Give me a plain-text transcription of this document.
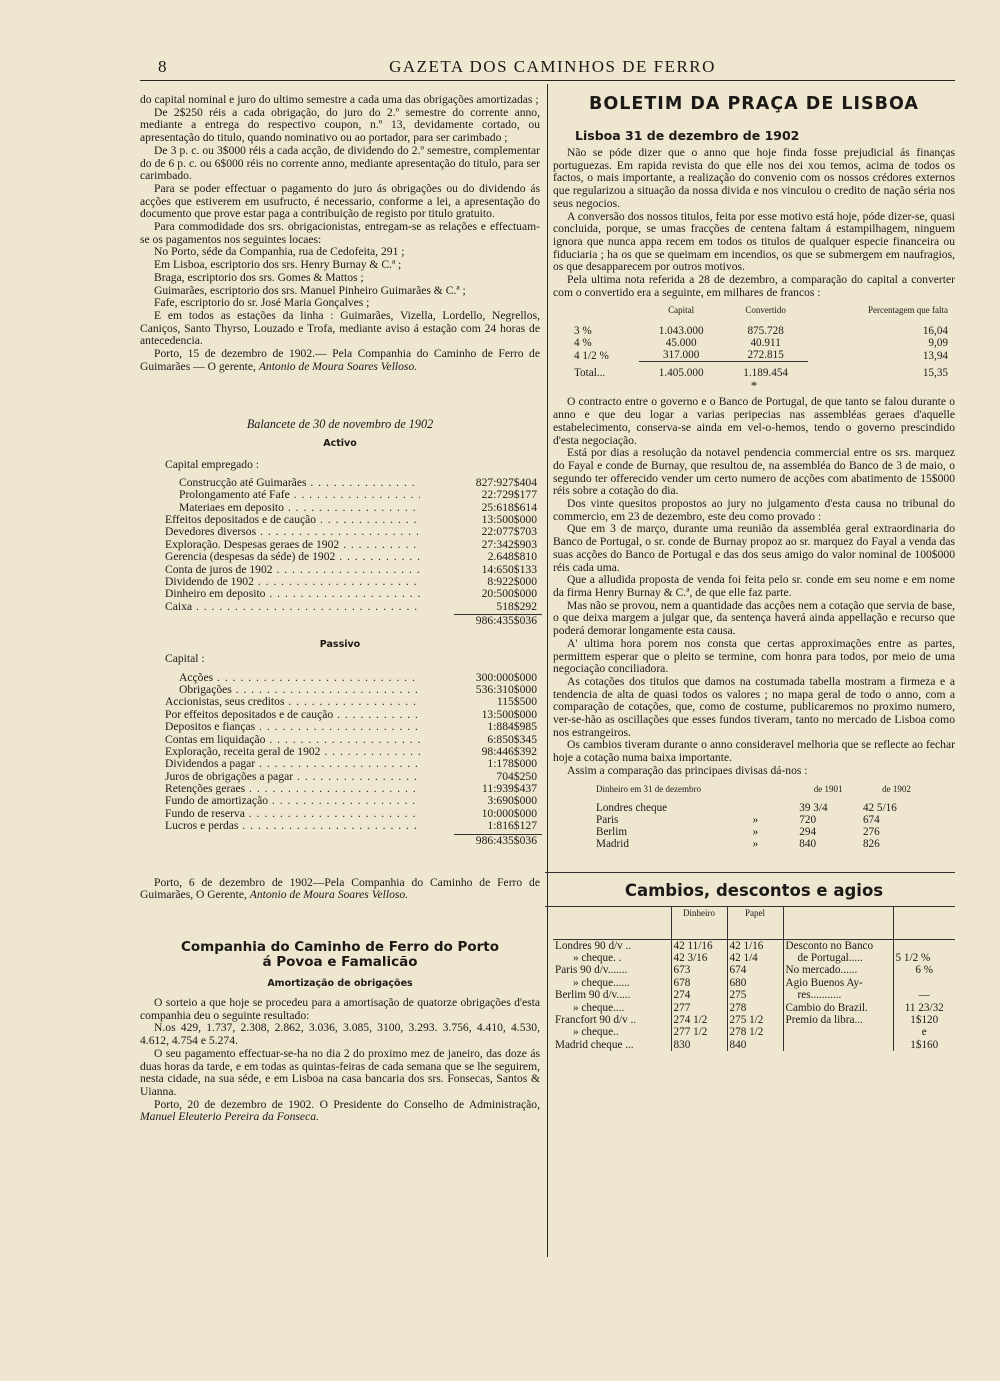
8	GAZETA DOS CAMINHOS DE FERRO

do capital nominal e juro do ultimo semestre a cada uma das obrigações amortizadas ;

De 2$250 réis a cada obrigação, do juro do 2.º semestre do corrente anno, mediante a entrega do respectivo coupon, n.º 13, devidamente cortado, ou apresentação do titulo, quando nominativo ou ao portador, para ser carimbado ;

De 3 p. c. ou 3$000 réis a cada acção, de dividendo do 2.º semestre, complementar do de 6 p. c. ou 6$000 réis no corrente anno, mediante apresentação do titulo, para ser carimbado.

Para se poder effectuar o pagamento do juro ás obrigações ou do dividendo ás acções que estiverem em usufructo, é necessario, conforme a lei, a apresentação do documento que prove estar paga a contribuição de registo por titulo gratuito.

Para commodidade dos srs. obrigacionistas, entregam-se as relações e effectuam-se os pagamentos nos seguintes locaes:

No Porto, séde da Companhia, rua de Cedofeita, 291 ;

Em Lisboa, escriptorio dos srs. Henry Burnay & C.ª ;

Braga, escriptorio dos srs. Gomes & Mattos ;

Guimarães, escriptorio dos srs. Manuel Pinheiro Guimarães & C.ª ;

Fafe, escriptorio do sr. José Maria Gonçalves ;

E em todos as estações da linha : Guimarães, Vizella, Lordello, Negrellos, Caniços, Santo Thyrso, Louzado e Trofa, mediante aviso á estação com 24 horas de antecedencia.

Porto, 15 de dezembro de 1902.— Pela Companhia do Caminho de Ferro de Guimarães — O gerente, Antonio de Moura Soares Velloso.

Balancete de 30 de novembro de 1902

Activo

Capital empregado :

Construcção até Guimarães . . .	827:927$404
Prolongamento até Fafe . . .	22:729$177
Materiaes em deposito . . .	25:618$614
Effeitos depositados e de caução . . .	13:500$000
Devedores diversos . . .	22:077$703
Exploração. Despesas geraes de 1902 . . .	27:342$903
Gerencia (despesas da séde) de 1902 . . .	2.648$810
Conta de juros de 1902 . . .	14:650$133
Dividendo de 1902 . . .	8:922$000
Dinheiro em deposito . . .	20:500$000
Caixa . . .	518$292
986:435$036

Passivo

Capital :

Acções . . .	300:000$000
Obrigações . . .	536:310$000
Accionistas, seus creditos . . .	115$500
Por effeitos depositados e de caução . . .	13:500$000
Depositos e fianças . . .	1:884$985
Contas em liquidação . . .	6:850$345
Exploração, receita geral de 1902 . . .	98:446$392
Dividendos a pagar . . .	1:178$000
Juros de obrigações a pagar . . .	704$250
Retenções geraes . . .	11:939$437
Fundo de amortização . . .	3:690$000
Fundo de reserva . . .	10:000$000
Lucros e perdas . . .	1:816$127
986:435$036

Porto, 6 de dezembro de 1902—Pela Companhia do Caminho de Ferro de Guimarães, O Gerente, Antonio de Moura Soares Velloso.

Companhia do Caminho de Ferro do Porto

á Povoa e Famalicão

Amortização de obrigações

O sorteio a que hoje se procedeu para a amortisação de quatorze obrigações d'esta companhia deu o seguinte resultado:

N.os 429, 1.737, 2.308, 2.862, 3.036, 3.085, 3100, 3.293. 3.756, 4.410, 4.530, 4.612, 4.754 e 5.274.

O seu pagamento effectuar-se-ha no dia 2 do proximo mez de janeiro, das doze ás duas horas da tarde, e em todas as quintas-feiras de cada semana que se lhe seguirem, nesta cidade, na sua séde, e em Lisboa na casa bancaria dos srs. Fonsecas, Santos & Uianna.

Porto, 20 de dezembro de 1902. O Presidente do Conselho de Administração, Manuel Eleuterio Pereira da Fonseca.

BOLETIM DA PRAÇA DE LISBOA

Lisboa 31 de dezembro de 1902

Não se póde dizer que o anno que hoje finda fosse prejudicial ás finanças portuguezas. Em rapida revista do que elle nos dei xou temos, acima de todos os factos, o mais importante, a realização do convenio com os nossos crédores externos que regularizou a situação da nossa divida e nos vinculou o credito de nação séria nos seus negocios.

A conversão dos nossos titulos, feita por esse motivo está hoje, póde dizer-se, quasi concluida, porque, se umas fracções de centena faltam á estampilhagem, ninguem ignora que nunca appa recem em todos os titulos de qualquer especie financeira ou fiduciaria ; ha os que se queimam em incendios, os que se submergem em naufragios, os que desapparecem por outros motivos.

Pela ultima nota referida a 28 de dezembro, a comparação do capital a converter com o convertido era a seguinte, em milhares de francos :

	Capital	Convertido	Percentagem que falta

3 %	1.043.000	875.728	16,04
4 %	45.000	40.911	9,09
4 1/2 %	317.000	272.815	13,94
Total...	1.405.000	1.189.454	15,35

*

O contracto entre o governo e o Banco de Portugal, de que tanto se falou durante o anno e que deu logar a varias peripecias nas assembléas geraes d'aquelle estabelecimento, conserva-se ainda em vel-o-hemos, tendo o governo prescindido d'esta negociação.

Está por dias a resolução da notavel pendencia commercial entre os srs. marquez do Fayal e conde de Burnay, que resultou de, na assembléa do Banco de 3 de maio, o segundo ter offerecido vender um certo numero de acções com abatimento de 15$000 réis sobre a cotação do dia.

Dos vinte quesitos propostos ao jury no julgamento d'esta causa no tribunal do commercio, em 23 de dezembro, este deu como provado :

Que em 3 de março, durante uma reunião da assembléa geral extraordinaria do Banco de Portugal, o sr. conde de Burnay propoz ao sr. marquez do Fayal a venda das suas acções do Banco de Portugal e das dos seus amigo do valor nominal de 100$000 réis cada uma.

Que a alludida proposta de venda foi feita pelo sr. conde em seu nome e em nome da firma Henry Burnay & C.ª, de que elle faz parte.

Mas não se provou, nem a quantidade das acções nem a cotação que servia de base, o que deixa margem a julgar que, da sentença haverá ainda appellação e recurso que poderá demorar longamente esta causa.

A' ultima hora porem nos consta que certas approximações entre as partes, permittem esperar que o pleito se termine, com honra para todos, por meio de uma negociação conciliadora.

As cotações dos titulos que damos na costumada tabella mostram a firmeza e a tendencia de alta de quasi todos os valores ; no mapa geral de todo o anno, com a comparação de cotações, que, como de costume, publicaremos no proximo numero, ver-se-hão as oscillações que esses fundos tiveram, tanto no mercado de Lisboa como nos estrangeiros.

Os cambios tiveram durante o anno consideravel melhoria que se reflecte ao fechar hoje a cotação numa baixa importante.

Assim a comparação das principaes divisas dá-nos :

Dinheiro em 31 de dezembro		de 1901	de 1902

Londres cheque		39 3/4	42 5/16
Paris	»	720	674
Berlim	»	294	276
Madrid	»	840	826

Cambios, descontos e agios

	Dinheiro	Papel		
Londres 90 d/v ..	42 11/16	42 1/16	Desconto no Banco	
» cheque. .	42 3/16	42 1/4	de Portugal.....	5 1/2 %
Paris 90 d/v.......	673	674	No mercado......	6 %
» cheque......	678	680	Agio Buenos Ay-	
Berlim 90 d/v.....	274	275	res...........	—
» cheque....	277	278	Cambio do Brazil.	11 23/32
Francfort 90 d/v ..	274 1/2	275 1/2	Premio da libra...	1$120
» cheque..	277 1/2	278 1/2		e
Madrid cheque ...	830	840		1$160
